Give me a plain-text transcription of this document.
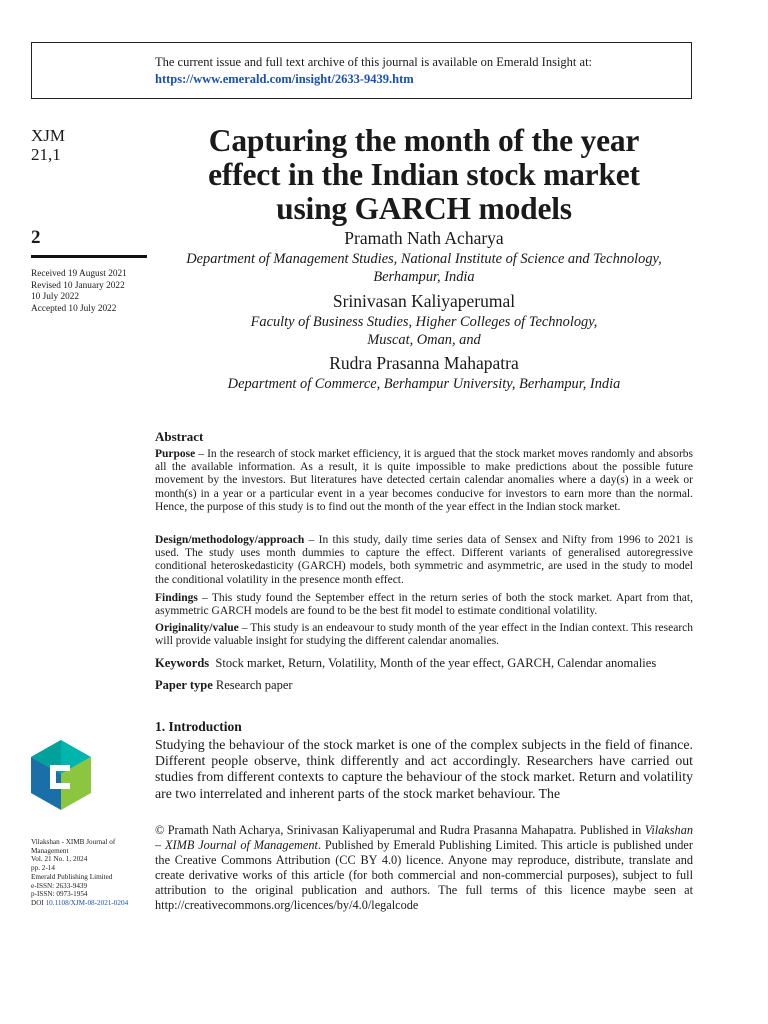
The current issue and full text archive of this journal is available on Emerald Insight at:
https://www.emerald.com/insight/2633-9439.htm
XJM
21,1
2
Received 19 August 2021
Revised 10 January 2022
10 July 2022
Accepted 10 July 2022
Capturing the month of the year
effect in the Indian stock market
using GARCH models
Pramath Nath Acharya
Department of Management Studies, National Institute of Science and Technology,
Berhampur, India
Srinivasan Kaliyaperumal
Faculty of Business Studies, Higher Colleges of Technology,
Muscat, Oman, and
Rudra Prasanna Mahapatra
Department of Commerce, Berhampur University, Berhampur, India
Abstract
Purpose – In the research of stock market efficiency, it is argued that the stock market moves randomly and absorbs all the available information. As a result, it is quite impossible to make predictions about the possible future movement by the investors. But literatures have detected certain calendar anomalies where a day(s) in a week or month(s) in a year or a particular event in a year becomes conducive for investors to earn more than the normal. Hence, the purpose of this study is to find out the month of the year effect in the Indian stock market.
Design/methodology/approach – In this study, daily time series data of Sensex and Nifty from 1996 to 2021 is used. The study uses month dummies to capture the effect. Different variants of generalised autoregressive conditional heteroskedasticity (GARCH) models, both symmetric and asymmetric, are used in the study to model the conditional volatility in the presence month effect.
Findings – This study found the September effect in the return series of both the stock market. Apart from that, asymmetric GARCH models are found to be the best fit model to estimate conditional volatility.
Originality/value – This study is an endeavour to study month of the year effect in the Indian context. This research will provide valuable insight for studying the different calendar anomalies.
Keywords Stock market, Return, Volatility, Month of the year effect, GARCH, Calendar anomalies
Paper type Research paper
1. Introduction
Studying the behaviour of the stock market is one of the complex subjects in the field of finance. Different people observe, think differently and act accordingly. Researchers have carried out studies from different contexts to capture the behaviour of the stock market. Return and volatility are two interrelated and inherent parts of the stock market behaviour. The
Vilakshan - XIMB Journal of
Management
Vol. 21 No. 1, 2024
pp. 2-14
Emerald Publishing Limited
e-ISSN: 2633-9439
p-ISSN: 0973-1954
DOI 10.1108/XJM-08-2021-0204
© Pramath Nath Acharya, Srinivasan Kaliyaperumal and Rudra Prasanna Mahapatra. Published in Vilakshan – XIMB Journal of Management. Published by Emerald Publishing Limited. This article is published under the Creative Commons Attribution (CC BY 4.0) licence. Anyone may reproduce, distribute, translate and create derivative works of this article (for both commercial and non-commercial purposes), subject to full attribution to the original publication and authors. The full terms of this licence maybe seen at http://creativecommons.org/licences/by/4.0/legalcode
